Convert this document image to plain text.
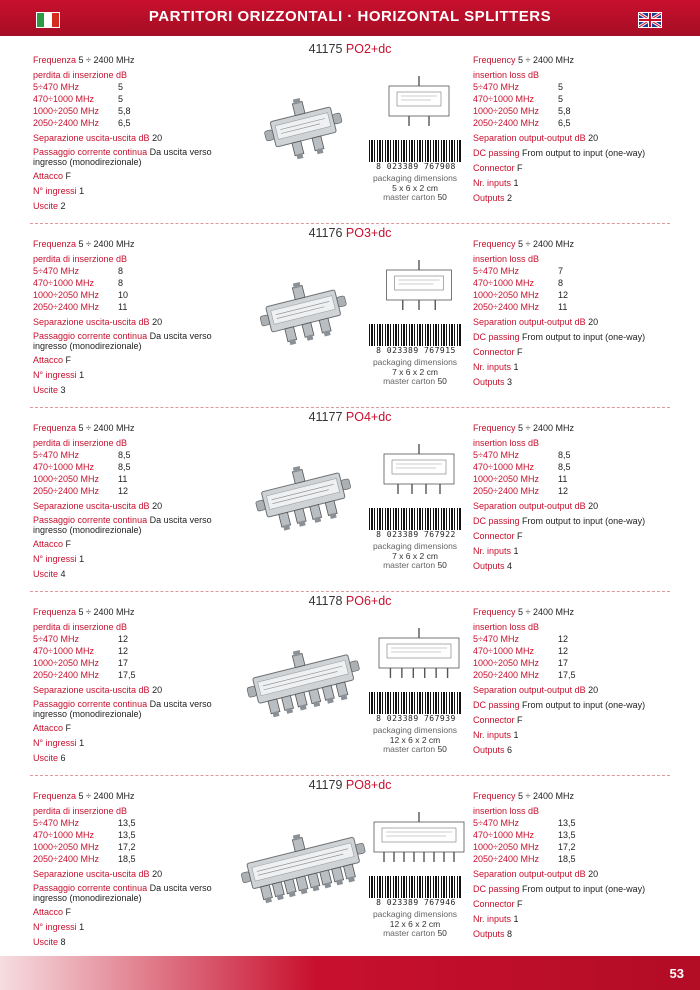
PARTITORI ORIZZONTALI · HORIZONTAL SPLITTERS
41175 PO2+dc
Frequenza 5 ÷ 2400 MHz
perdita di inserzione dB
5÷470 MHz	5
470÷1000 MHz	5
1000÷2050 MHz	5,8
2050÷2400 MHz	6,5
Separazione uscita-uscita dB 20
Passaggio corrente continua Da uscita verso ingresso (monodirezionale)
Attacco F
N° ingressi 1
Uscite 2
8 023389 767908
packaging dimensions
5 x 6 x 2 cm
master carton 50
Frequency 5 ÷ 2400 MHz
insertion loss dB
5÷470 MHz	5
470÷1000 MHz	5
1000÷2050 MHz	5,8
2050÷2400 MHz	6,5
Separation output-output dB 20
DC passing From output to input (one-way)
Connector F
Nr. inputs 1
Outputs 2
41176 PO3+dc
Frequenza 5 ÷ 2400 MHz
perdita di inserzione dB
5÷470 MHz	8
470÷1000 MHz	8
1000÷2050 MHz	10
2050÷2400 MHz	11
Separazione uscita-uscita dB 20
Passaggio corrente continua Da uscita verso ingresso (monodirezionale)
Attacco F
N° ingressi 1
Uscite 3
8 023389 767915
packaging dimensions
7 x 6 x 2 cm
master carton 50
Frequency 5 ÷ 2400 MHz
insertion loss dB
5÷470 MHz	7
470÷1000 MHz	8
1000÷2050 MHz	12
2050÷2400 MHz	11
Separation output-output dB 20
DC passing From output to input (one-way)
Connector F
Nr. inputs 1
Outputs 3
41177 PO4+dc
Frequenza 5 ÷ 2400 MHz
perdita di inserzione dB
5÷470 MHz	8,5
470÷1000 MHz	8,5
1000÷2050 MHz	11
2050÷2400 MHz	12
Separazione uscita-uscita dB 20
Passaggio corrente continua Da uscita verso ingresso (monodirezionale)
Attacco F
N° ingressi 1
Uscite 4
8 023389 767922
packaging dimensions
7 x 6 x 2 cm
master carton 50
Frequency 5 ÷ 2400 MHz
insertion loss dB
5÷470 MHz	8,5
470÷1000 MHz	8,5
1000÷2050 MHz	11
2050÷2400 MHz	12
Separation output-output dB 20
DC passing From output to input (one-way)
Connector F
Nr. inputs 1
Outputs 4
41178 PO6+dc
Frequenza 5 ÷ 2400 MHz
perdita di inserzione dB
5÷470 MHz	12
470÷1000 MHz	12
1000÷2050 MHz	17
2050÷2400 MHz	17,5
Separazione uscita-uscita dB 20
Passaggio corrente continua Da uscita verso ingresso (monodirezionale)
Attacco F
N° ingressi 1
Uscite 6
8 023389 767939
packaging dimensions
12 x 6 x 2 cm
master carton 50
Frequency 5 ÷ 2400 MHz
insertion loss dB
5÷470 MHz	12
470÷1000 MHz	12
1000÷2050 MHz	17
2050÷2400 MHz	17,5
Separation output-output dB 20
DC passing From output to input (one-way)
Connector F
Nr. inputs 1
Outputs 6
41179 PO8+dc
Frequenza 5 ÷ 2400 MHz
perdita di inserzione dB
5÷470 MHz	13,5
470÷1000 MHz	13,5
1000÷2050 MHz	17,2
2050÷2400 MHz	18,5
Separazione uscita-uscita dB 20
Passaggio corrente continua Da uscita verso ingresso (monodirezionale)
Attacco F
N° ingressi 1
Uscite 8
8 023389 767946
packaging dimensions
12 x 6 x 2 cm
master carton 50
Frequency 5 ÷ 2400 MHz
insertion loss dB
5÷470 MHz	13,5
470÷1000 MHz	13,5
1000÷2050 MHz	17,2
2050÷2400 MHz	18,5
Separation output-output dB 20
DC passing From output to input (one-way)
Connector F
Nr. inputs 1
Outputs 8
53
